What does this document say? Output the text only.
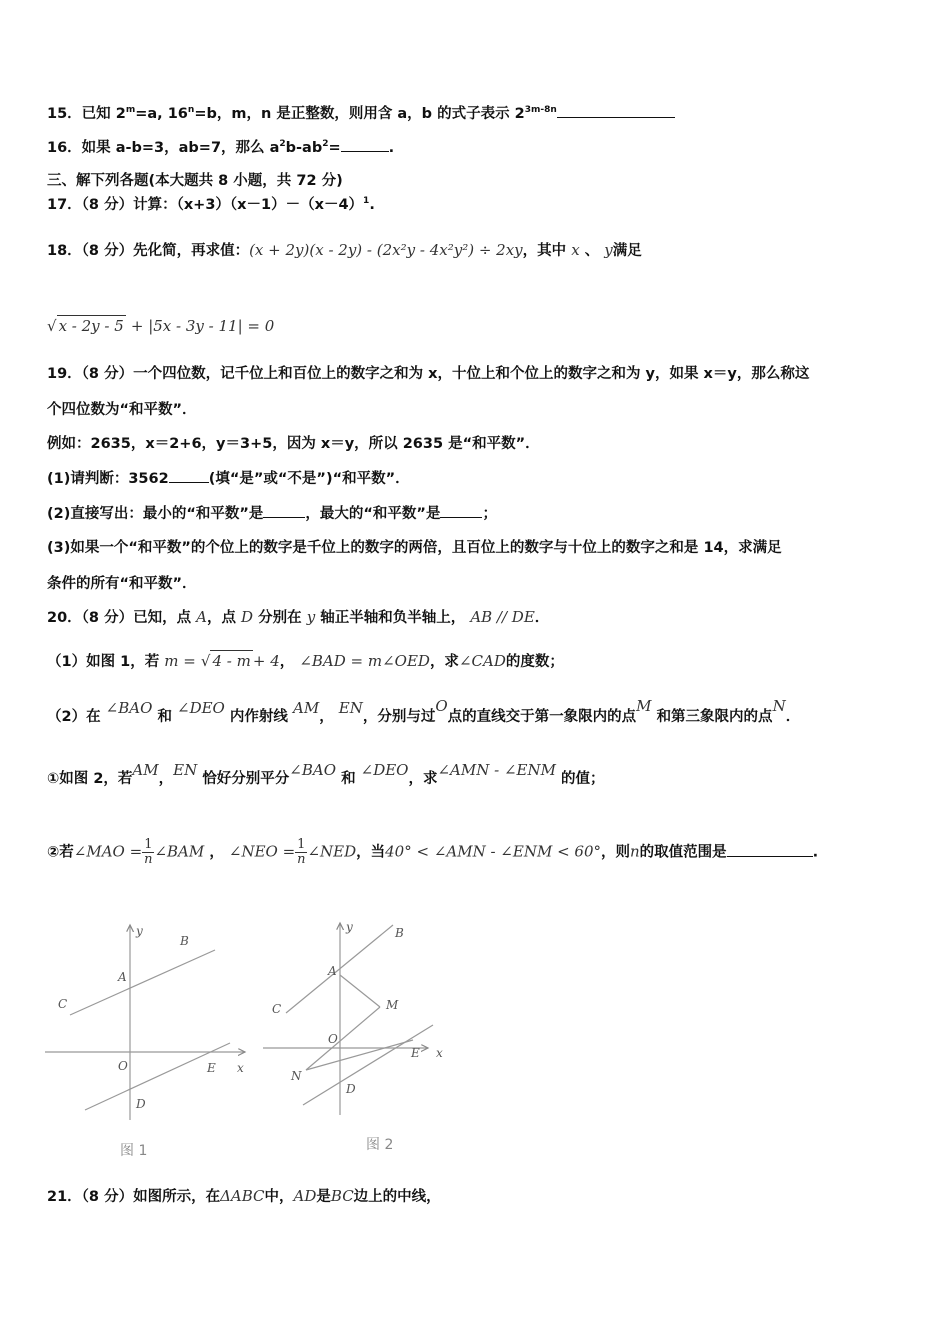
15．已知 $2^m=a$, $16^n=b$，m，n 是正整数，则用含 a，b 的式子表示 $2^{3m-8n}$
16．如果 a-b=3，ab=7，那么 $a^2b-ab^2=$	.
三、解下列各题(本大题共 8 小题，共 72 分)
17．（8 分）计算：$(x+3)(x-1)-(x-4)^1$.
18．（8 分）先化简，再求值：(x + 2y)(x - 2y) - (2x²y - 4x²y²) ÷ 2xy，其中 x 、 y满足
√ x - 2y - 5 + |5x - 3y - 11| = 0
19．（8 分）一个四位数，记千位上和百位上的数字之和为 x，十位上和个位上的数字之和为 y，如果 x＝y，那么称这
个四位数为“和平数”．
例如：2635，x＝2+6，y＝3+5，因为 x＝y，所以 2635 是“和平数”．
(1)请判断：3562	(填“是”或“不是”)“和平数”．
(2)直接写出：最小的“和平数”是	，最大的“和平数”是	；
(3)如果一个“和平数”的个位上的数字是千位上的数字的两倍，且百位上的数字与十位上的数字之和是 14，求满足
条件的所有“和平数”．
20．（8 分）已知，点 A，点 D 分别在 y 轴正半轴和负半轴上， AB // DE．
（1）如图 1，若 m = √ 4 - m + 4， ∠BAD = m∠OED，求∠CAD的度数；
（2）在 ∠BAO 和 ∠DEO 内作射线 AM， EN，分别与过O点的直线交于第一象限内的点M 和第三象限内的点N．
①如图 2，若AM，EN 恰好分别平分∠BAO 和 ∠DEO，求∠AMN - ∠ENM 的值；
②若∠MAO = $\frac{1}{n}$ ∠BAM ， ∠NEO = $\frac{1}{n}$ ∠NED，当40° < ∠AMN - ∠ENM < 60°，则n的取值范围是	.
y
B
A
C
O	E x
D
图 1
y	B
A
C	M
O
E x
N
D
图 2
21．（8 分）如图所示，在ΔABC中，AD是BC边上的中线，
